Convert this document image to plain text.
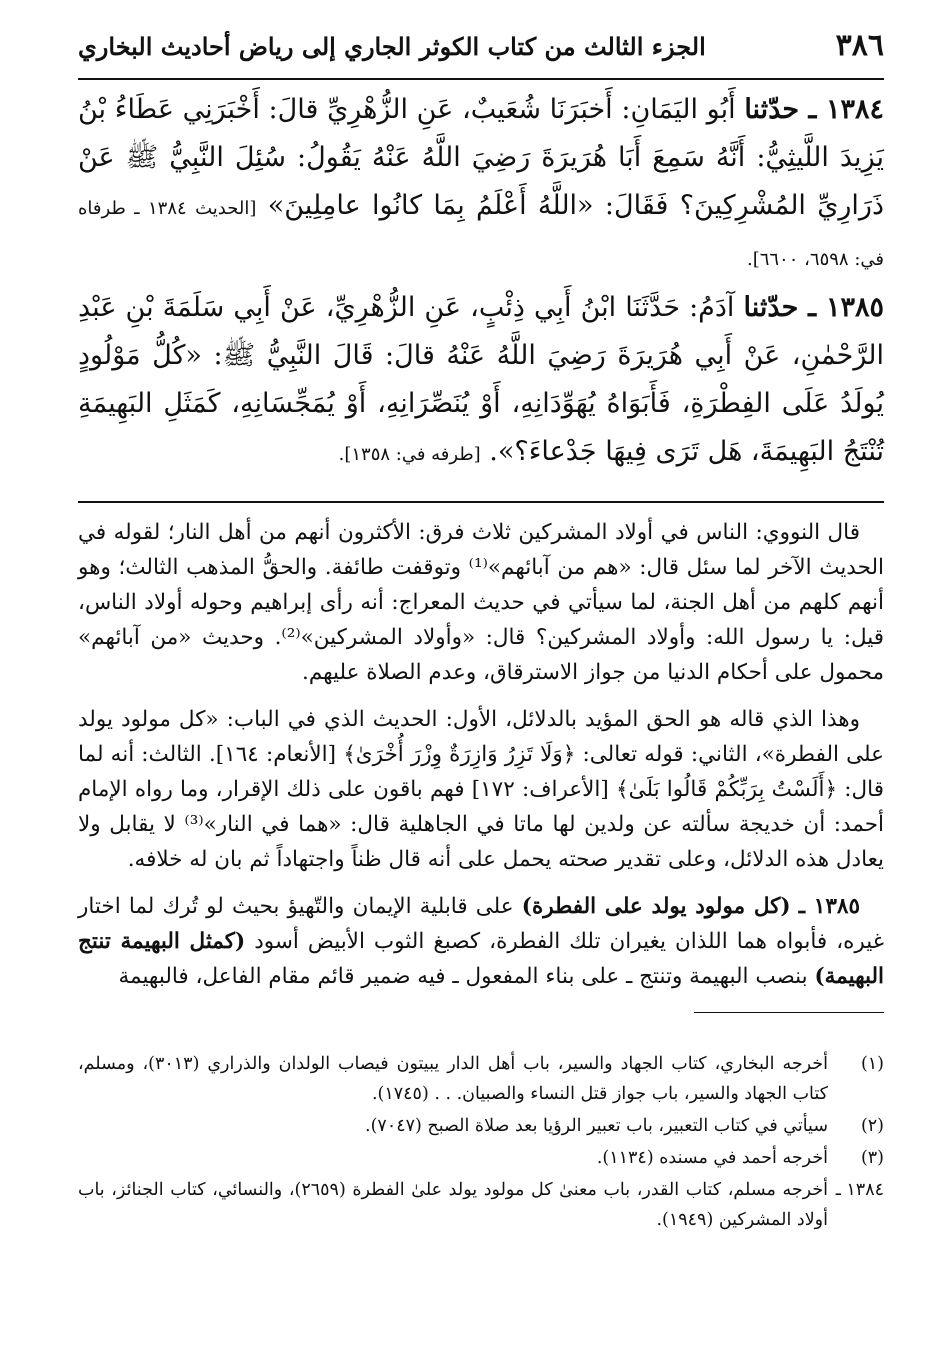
٣٨٦
الجزء الثالث من كتاب الكوثر الجاري إلى رياض أحاديث البخاري

١٣٨٤ ـ حدّثنا أَبُو اليَمَانِ: أَخبَرَنَا شُعَيبٌ، عَنِ الزُّهْرِيِّ قالَ: أَخْبَرَنِي عَطَاءُ بْنُ يَزِيدَ اللَّيثِيُّ: أَنَّهُ سَمِعَ أَبَا هُرَيرَةَ رَضِيَ اللَّهُ عَنْهُ يَقُولُ: سُئِلَ النَّبِيُّ ﷺ عَنْ ذَرَارِيِّ المُشْرِكِينَ؟ فَقَالَ: «اللَّهُ أَعْلَمُ بِمَا كانُوا عامِلِينَ» [الحديث ١٣٨٤ ـ طرفاه في: ٦٥٩٨، ٦٦٠٠].

١٣٨٥ ـ حدّثنا آدَمُ: حَدَّثَنَا ابْنُ أَبِي ذِئْبٍ، عَنِ الزُّهْرِيِّ، عَنْ أَبِي سَلَمَةَ بْنِ عَبْدِ الرَّحْمٰنِ، عَنْ أَبِي هُرَيرَةَ رَضِيَ اللَّهُ عَنْهُ قالَ: قَالَ النَّبِيُّ ﷺ: «كُلُّ مَوْلُودٍ يُولَدُ عَلَى الفِطْرَةِ، فَأَبَوَاهُ يُهَوِّدَانِهِ، أَوْ يُنَصِّرَانِهِ، أَوْ يُمَجِّسَانِهِ، كَمَثَلِ البَهِيمَةِ تُنْتَجُ البَهِيمَةَ، هَل تَرَى فِيهَا جَدْعاءَ؟». [طرفه في: ١٣٥٨].

قال النووي: الناس في أولاد المشركين ثلاث فرق: الأكثرون أنهم من أهل النار؛ لقوله في الحديث الآخر لما سئل قال: «هم من آبائهم»⁽¹⁾ وتوقفت طائفة. والحقُّ المذهب الثالث؛ وهو أنهم كلهم من أهل الجنة، لما سيأتي في حديث المعراج: أنه رأى إبراهيم وحوله أولاد الناس، قيل: يا رسول الله: وأولاد المشركين؟ قال: «وأولاد المشركين»⁽²⁾. وحديث «من آبائهم» محمول على أحكام الدنيا من جواز الاسترقاق، وعدم الصلاة عليهم.

وهذا الذي قاله هو الحق المؤيد بالدلائل، الأول: الحديث الذي في الباب: «كل مولود يولد على الفطرة»، الثاني: قوله تعالى: ﴿وَلَا تَزِرُ وَازِرَةٌ وِزْرَ أُخْرَىٰ﴾ [الأنعام: ١٦٤]. الثالث: أنه لما قال: ﴿أَلَسْتُ بِرَبِّكُمْ قَالُوا بَلَىٰ﴾ [الأعراف: ١٧٢] فهم باقون على ذلك الإقرار، وما رواه الإمام أحمد: أن خديجة سألته عن ولدين لها ماتا في الجاهلية قال: «هما في النار»⁽³⁾ لا يقابل ولا يعادل هذه الدلائل، وعلى تقدير صحته يحمل على أنه قال ظناً واجتهاداً ثم بان له خلافه.

١٣٨٥ ـ (كل مولود يولد على الفطرة) على قابلية الإيمان والتّهيؤ بحيث لو تُرك لما اختار غيره، فأبواه هما اللذان يغيران تلك الفطرة، كصبغ الثوب الأبيض أسود (كمثل البهيمة تنتج البهيمة) بنصب البهيمة وتنتج ـ على بناء المفعول ـ فيه ضمير قائم مقام الفاعل، فالبهيمة

(١)
أخرجه البخاري، كتاب الجهاد والسير، باب أهل الدار يبيتون فيصاب الولدان والذراري (٣٠١٣)، ومسلم، كتاب الجهاد والسير، باب جواز قتل النساء والصبيان. . . (١٧٤٥).
(٢)
سيأتي في كتاب التعبير، باب تعبير الرؤيا بعد صلاة الصبح (٧٠٤٧).
(٣)
أخرجه أحمد في مسنده (١١٣٤).
١٣٨٤ ـ
أخرجه مسلم، كتاب القدر، باب معنىٰ كل مولود يولد علىٰ الفطرة (٢٦٥٩)، والنسائي، كتاب الجنائز، باب أولاد المشركين (١٩٤٩).
